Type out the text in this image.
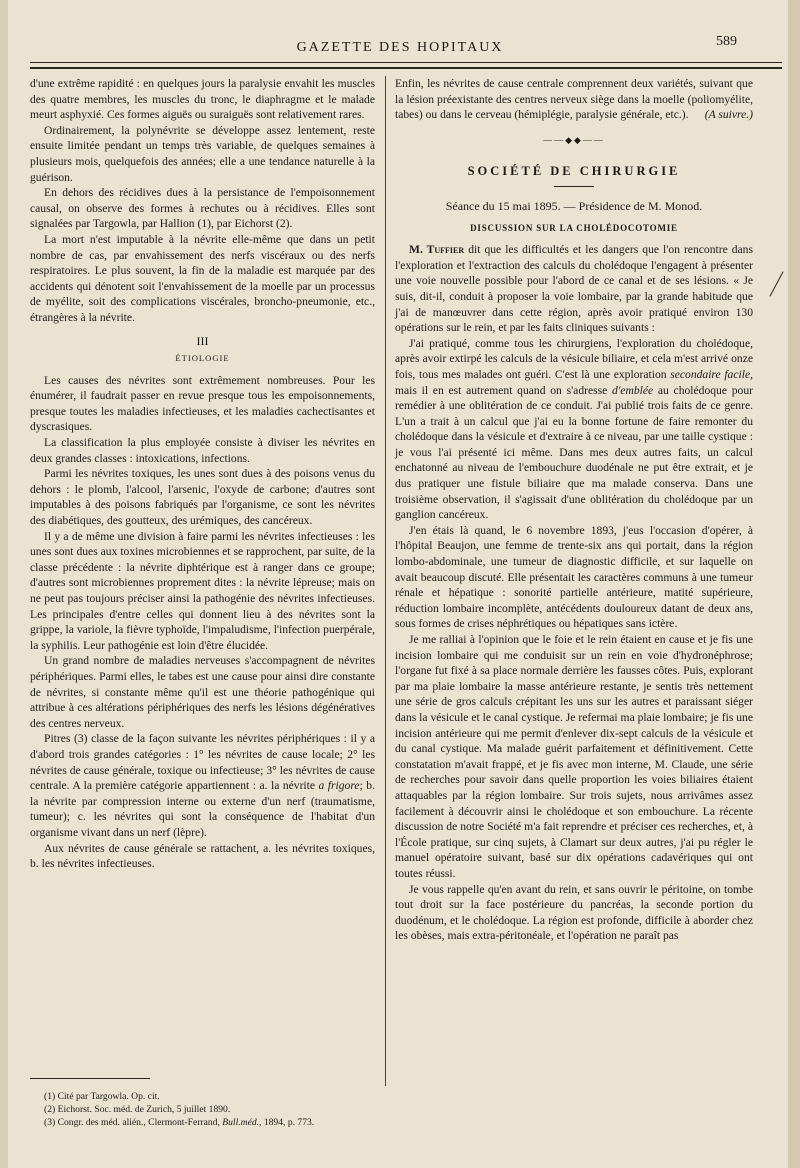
GAZETTE DES HOPITAUX	589

d'une extrême rapidité : en quelques jours la paralysie envahit les muscles des quatre membres, les muscles du tronc, le diaphragme et le malade meurt asphyxié. Ces formes aiguës ou suraiguës sont relativement rares.

Ordinairement, la polynévrite se développe assez lentement, reste ensuite limitée pendant un temps très variable, de quelques semaines à plusieurs mois, quelquefois des années; elle a une tendance naturelle à la guérison.

En dehors des récidives dues à la persistance de l'empoisonnement causal, on observe des formes à rechutes ou à récidives. Elles sont signalées par Targowla, par Hallion (1), par Eichorst (2).

La mort n'est imputable à la névrite elle-même que dans un petit nombre de cas, par envahissement des nerfs viscéraux ou des nerfs respiratoires. Le plus souvent, la fin de la maladie est marquée par des accidents qui dénotent soit l'envahissement de la moelle par un processus de myélite, soit des complications viscérales, broncho-pneumonie, etc., étrangères à la névrite.

III
ÉTIOLOGIE

Les causes des névrites sont extrêmement nombreuses. Pour les énumérer, il faudrait passer en revue presque tous les empoisonnements, presque toutes les maladies infectieuses, et les maladies cachectisantes et dyscrasiques.

La classification la plus employée consiste à diviser les névrites en deux grandes classes : intoxications, infections.

Parmi les névrites toxiques, les unes sont dues à des poisons venus du dehors : le plomb, l'alcool, l'arsenic, l'oxyde de carbone; d'autres sont imputables à des poisons fabriqués par l'organisme, ce sont les névrites des diabétiques, des goutteux, des urémiques, des cancéreux.

Il y a de même une division à faire parmi les névrites infectieuses : les unes sont dues aux toxines microbiennes et se rapprochent, par suite, de la classe précédente : la névrite diphtérique est à ranger dans ce groupe; d'autres sont microbiennes proprement dites : la névrite lépreuse; mais on ne peut pas toujours préciser ainsi la pathogénie des névrites infectieuses. Les principales d'entre celles qui donnent lieu à des névrites sont la grippe, la variole, la fièvre typhoïde, l'impaludisme, l'infection puerpérale, la syphilis. Leur pathogénie est loin d'être élucidée.

Un grand nombre de maladies nerveuses s'accompagnent de névrites périphériques. Parmi elles, le tabes est une cause pour ainsi dire constante de névrites, si constante même qu'il est une théorie pathogénique qui attribue à ces altérations périphériques des nerfs les lésions dégénératives des centres nerveux.

Pitres (3) classe de la façon suivante les névrites périphériques : il y a d'abord trois grandes catégories : 1° les névrites de cause locale; 2° les névrites de cause générale, toxique ou infectieuse; 3° les névrites de cause centrale. A la première catégorie appartiennent : a. la névrite a frigore; b. la névrite par compression interne ou externe d'un nerf (traumatisme, tumeur); c. les névrites qui sont la conséquence de l'habitat d'un organisme vivant dans un nerf (lèpre).

Aux névrites de cause générale se rattachent, a. les névrites toxiques, b. les névrites infectieuses.

(1) Cité par Targowla. Op. cit.
(2) Eichorst. Soc. méd. de Zurich, 5 juillet 1890.
(3) Congr. des méd. alién., Clermont-Ferrand, Bull.méd., 1894, p. 773.

Enfin, les névrites de cause centrale comprennent deux variétés, suivant que la lésion préexistante des centres nerveux siège dans la moelle (poliomyélite, tabes) ou dans le cerveau (hémiplégie, paralysie générale, etc.). (A suivre.)

——◆◆——
SOCIÉTÉ DE CHIRURGIE
Séance du 15 mai 1895. — Présidence de M. Monod.
DISCUSSION SUR LA CHOLÉDOCOTOMIE

M. Tuffier dit que les difficultés et les dangers que l'on rencontre dans l'exploration et l'extraction des calculs du cholédoque l'engagent à présenter une voie nouvelle possible pour l'abord de ce canal et de ses lésions. « Je suis, dit-il, conduit à proposer la voie lombaire, par la grande habitude que j'ai de manœuvrer dans cette région, après avoir pratiqué environ 130 opérations sur le rein, et par les faits cliniques suivants :

J'ai pratiqué, comme tous les chirurgiens, l'exploration du cholédoque, après avoir extirpé les calculs de la vésicule biliaire, et cela m'est arrivé onze fois, tous mes malades ont guéri. C'est là une exploration secondaire facile, mais il en est autrement quand on s'adresse d'emblée au cholédoque pour remédier à une oblitération de ce conduit. J'ai publié trois faits de ce genre. L'un a trait à un calcul que j'ai eu la bonne fortune de faire remonter du cholédoque dans la vésicule et d'extraire à ce niveau, par une taille cystique : je vous l'ai présenté ici même. Dans mes deux autres faits, un calcul enchatonné au niveau de l'embouchure duodénale ne put être extrait, et je dus pratiquer une fistule biliaire que ma malade conserva. Dans une troisième observation, il s'agissait d'une oblitération du cholédoque par un ganglion cancéreux.

J'en étais là quand, le 6 novembre 1893, j'eus l'occasion d'opérer, à l'hôpital Beaujon, une femme de trente-six ans qui portait, dans la région lombo-abdominale, une tumeur de diagnostic difficile, et sur laquelle on avait beaucoup discuté. Elle présentait les caractères communs à une tumeur rénale et hépatique : sonorité partielle antérieure, matité supérieure, réduction lombaire incomplète, antécédents douloureux datant de deux ans, sous formes de crises néphrétiques ou hépatiques sans ictère.

Je me ralliai à l'opinion que le foie et le rein étaient en cause et je fis une incision lombaire qui me conduisit sur un rein en voie d'hydronéphrose; l'organe fut fixé à sa place normale derrière les fausses côtes. Puis, explorant par ma plaie lombaire la masse antérieure restante, je sentis très nettement une série de gros calculs crépitant les uns sur les autres et paraissant siéger dans la vésicule et le canal cystique. Je refermai ma plaie lombaire; je fis une incision antérieure qui me permit d'enlever dix-sept calculs de la vésicule et du canal cystique. Ma malade guérit parfaitement et définitivement. Cette constatation m'avait frappé, et je fis avec mon interne, M. Claude, une série de recherches pour savoir dans quelle proportion les voies biliaires étaient attaquables par la région lombaire. Sur trois sujets, nous arrivâmes assez facilement à découvrir ainsi le cholédoque et son embouchure. La récente discussion de notre Société m'a fait reprendre et préciser ces recherches, et, à l'École pratique, sur cinq sujets, à Clamart sur deux autres, j'ai pu régler le manuel opératoire suivant, basé sur dix opérations cadavériques qui ont toutes réussi.

Je vous rappelle qu'en avant du rein, et sans ouvrir le péritoine, on tombe tout droit sur la face postérieure du pancréas, la seconde portion du duodénum, et le cholédoque. La région est profonde, difficile à aborder chez les obèses, mais extra-péritonéale, et l'opération ne paraît pas
